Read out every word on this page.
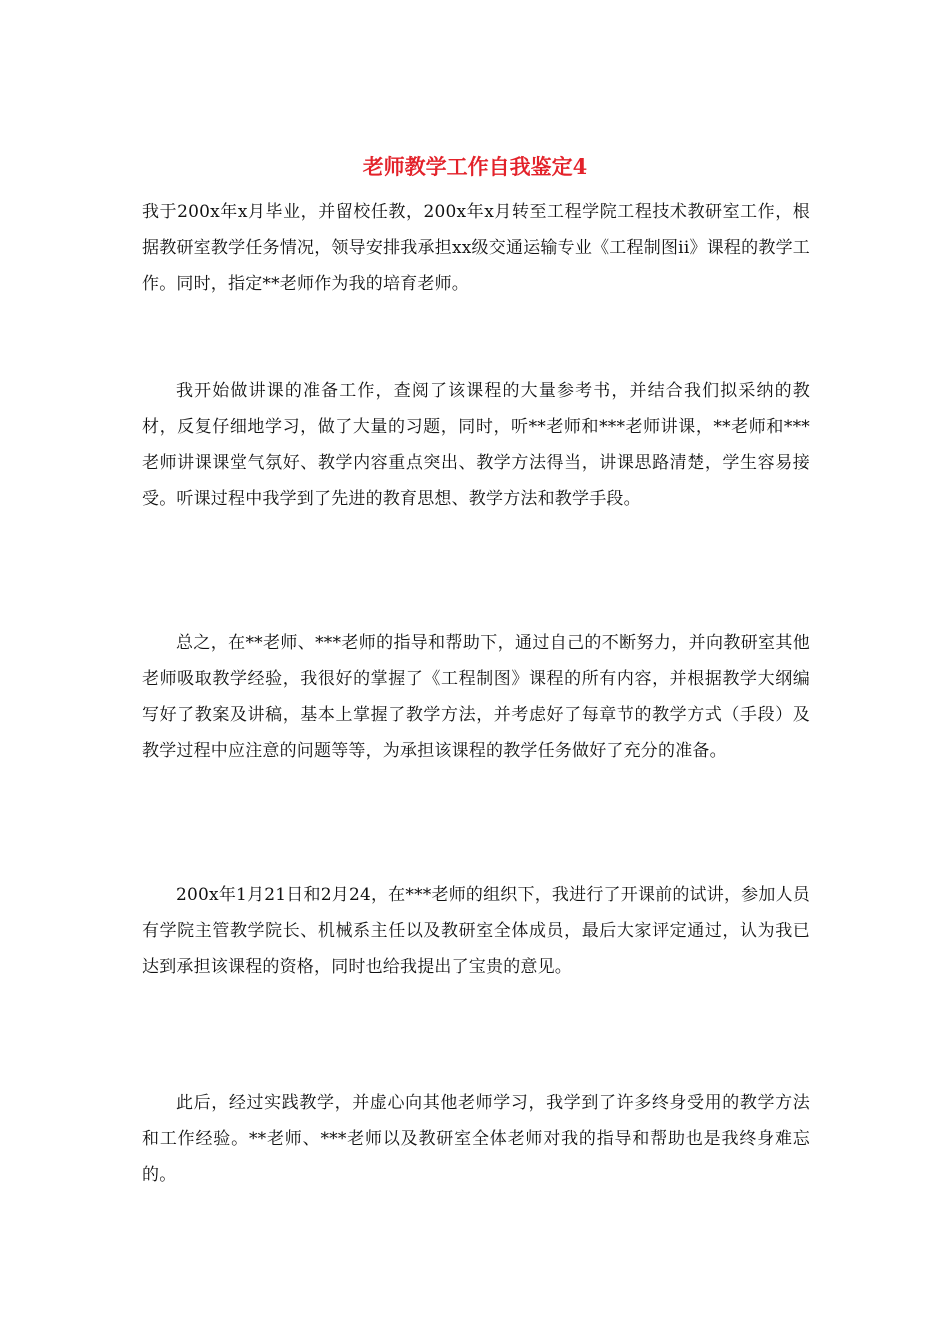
老师教学工作自我鉴定4

我于200x年x月毕业，并留校任教，200x年x月转至工程学院工程技术教研室工作，根据教研室教学任务情况，领导安排我承担xx级交通运输专业《工程制图ii》课程的教学工作。同时，指定**老师作为我的培育老师。

我开始做讲课的准备工作，查阅了该课程的大量参考书，并结合我们拟采纳的教材，反复仔细地学习，做了大量的习题，同时，听**老师和***老师讲课，**老师和***老师讲课课堂气氛好、教学内容重点突出、教学方法得当，讲课思路清楚，学生容易接受。听课过程中我学到了先进的教育思想、教学方法和教学手段。

总之，在**老师、***老师的指导和帮助下，通过自己的不断努力，并向教研室其他老师吸取教学经验，我很好的掌握了《工程制图》课程的所有内容，并根据教学大纲编写好了教案及讲稿，基本上掌握了教学方法，并考虑好了每章节的教学方式（手段）及教学过程中应注意的问题等等，为承担该课程的教学任务做好了充分的准备。

200x年1月21日和2月24，在***老师的组织下，我进行了开课前的试讲，参加人员有学院主管教学院长、机械系主任以及教研室全体成员，最后大家评定通过，认为我已达到承担该课程的资格，同时也给我提出了宝贵的意见。

此后，经过实践教学，并虚心向其他老师学习，我学到了许多终身受用的教学方法和工作经验。**老师、***老师以及教研室全体老师对我的指导和帮助也是我终身难忘的。
